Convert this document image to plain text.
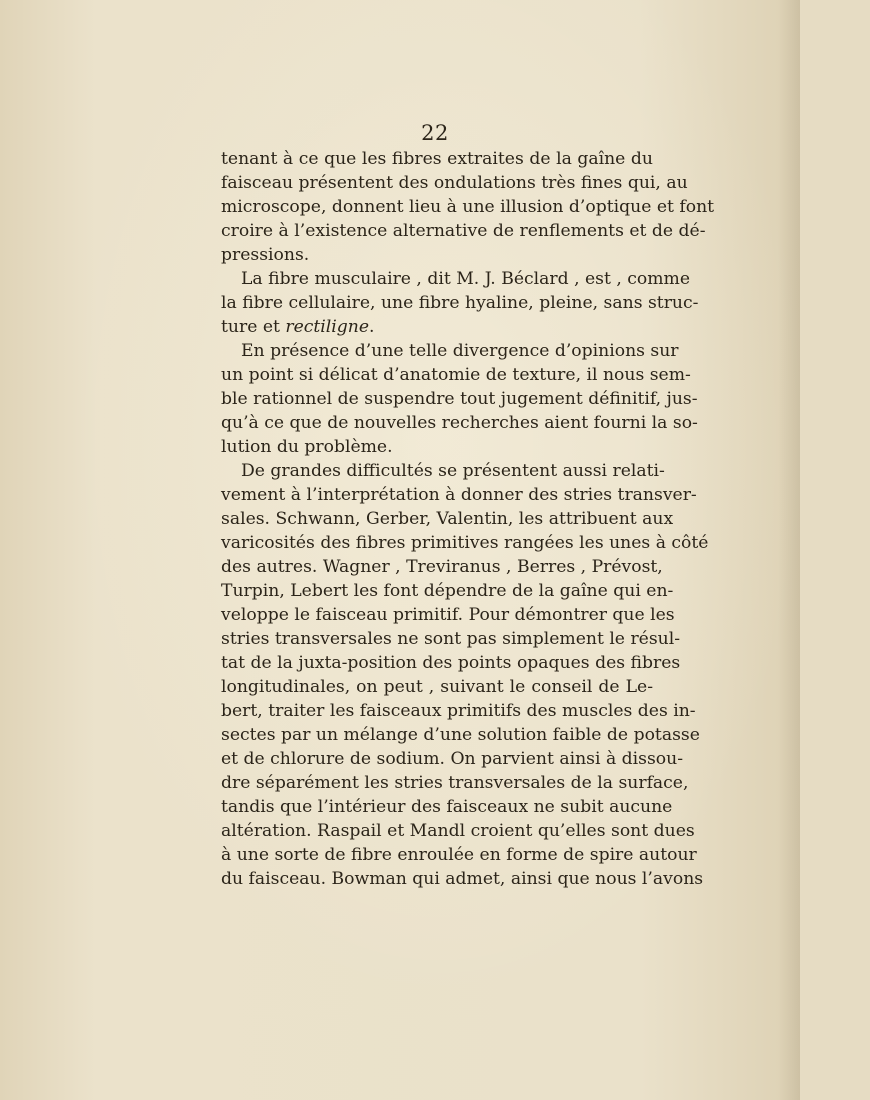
22
tenant à ce que les fibres extraites de la gaîne du
faisceau présentent des ondulations très fines qui, au
microscope, donnent lieu à une illusion d’optique et font
croire à l’existence alternative de renflements et de dé-
pressions.
La fibre musculaire , dit M. J. Béclard , est , comme
la fibre cellulaire, une fibre hyaline, pleine, sans struc-
ture et rectiligne.
En présence d’une telle divergence d’opinions sur
un point si délicat d’anatomie de texture, il nous sem-
ble rationnel de suspendre tout jugement définitif, jus-
qu’à ce que de nouvelles recherches aient fourni la so-
lution du problème.
De grandes difficultés se présentent aussi relati-
vement à l’interprétation à donner des stries transver-
sales. Schwann, Gerber, Valentin, les attribuent aux
varicosités des fibres primitives rangées les unes à côté
des autres. Wagner , Treviranus , Berres , Prévost,
Turpin, Lebert les font dépendre de la gaîne qui en-
veloppe le faisceau primitif. Pour démontrer que les
stries transversales ne sont pas simplement le résul-
tat de la juxta-position des points opaques des fibres
longitudinales, on peut , suivant le conseil de Le-
bert, traiter les faisceaux primitifs des muscles des in-
sectes par un mélange d’une solution faible de potasse
et de chlorure de sodium. On parvient ainsi à dissou-
dre séparément les stries transversales de la surface,
tandis que l’intérieur des faisceaux ne subit aucune
altération. Raspail et Mandl croient qu’elles sont dues
à une sorte de fibre enroulée en forme de spire autour
du faisceau. Bowman qui admet, ainsi que nous l’avons
